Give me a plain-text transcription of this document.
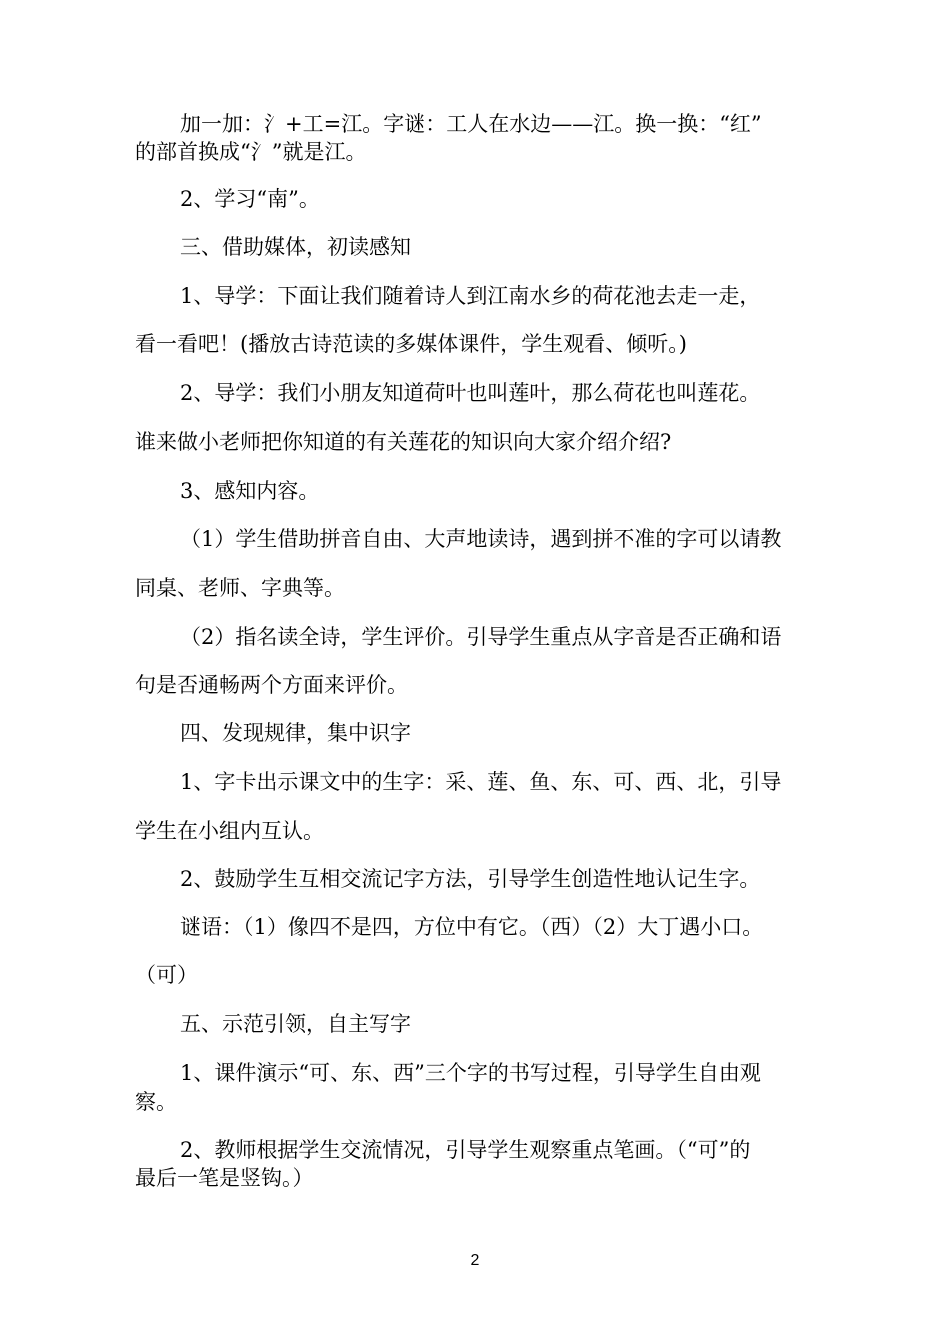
加一加：氵+工=江。字谜：工人在水边——江。换一换：“红”
的部首换成“氵”就是江。
2、学习“南”。
三、借助媒体，初读感知
1、导学：下面让我们随着诗人到江南水乡的荷花池去走一走，
看一看吧！(播放古诗范读的多媒体课件，学生观看、倾听。)
2、导学：我们小朋友知道荷叶也叫莲叶，那么荷花也叫莲花。
谁来做小老师把你知道的有关莲花的知识向大家介绍介绍?
3、感知内容。
（1）学生借助拼音自由、大声地读诗，遇到拼不准的字可以请教
同桌、老师、字典等。
（2）指名读全诗，学生评价。引导学生重点从字音是否正确和语
句是否通畅两个方面来评价。
四、发现规律，集中识字
1、字卡出示课文中的生字：采、莲、鱼、东、可、西、北，引导
学生在小组内互认。
2、鼓励学生互相交流记字方法，引导学生创造性地认记生字。
谜语：（1）像四不是四，方位中有它。（西）（2）大丁遇小口。
（可）
五、示范引领，自主写字
1、课件演示“可、东、西”三个字的书写过程，引导学生自由观
察。
2、教师根据学生交流情况，引导学生观察重点笔画。（“可”的
最后一笔是竖钩。）
2
